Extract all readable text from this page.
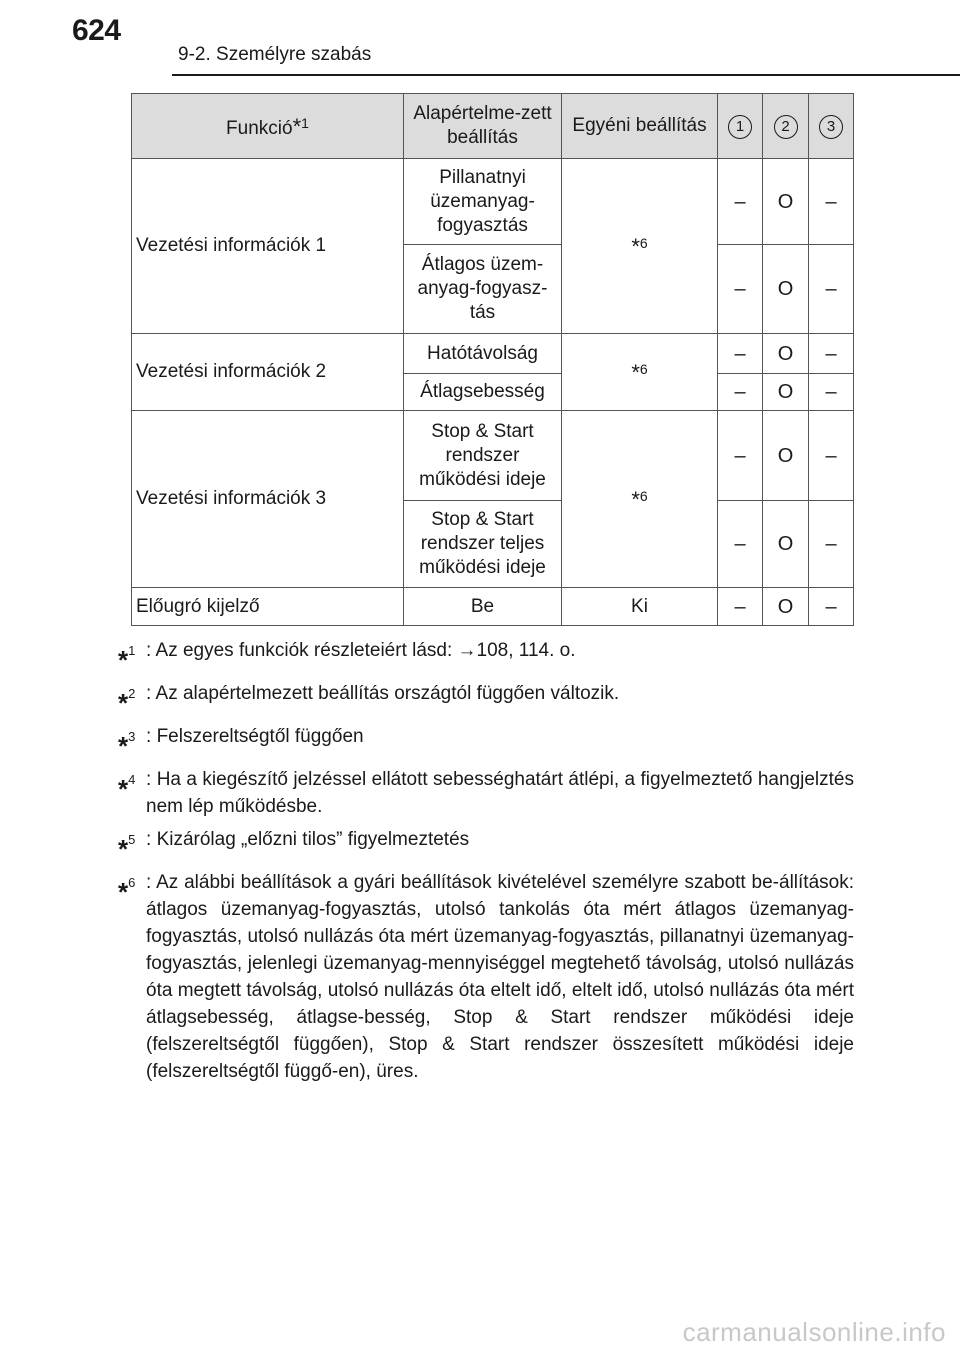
624
9-2. Személyre szabás
Funkció*$^1$	Alapértelme-zett beállítás	Egyéni beállítás	1	2	3
Vezetési információk 1	Pillanatnyi üzemanyag-fogyasztás	*$^6$	–	O	–
	Átlagos üzem-anyag-fogyasz-tás		–	O	–
Vezetési információk 2	Hatótávolság	*$^6$	–	O	–
	Átlagsebesség		–	O	–
Vezetési információk 3	Stop & Start rendszer működési ideje	*$^6$	–	O	–
	Stop & Start rendszer teljes működési ideje		–	O	–
Előugró kijelző	Be	Ki	–	O	–
*$^1$	: Az egyes funkciók részleteiért lásd: →108, 114. o.
*$^2$	: Az alapértelmezett beállítás országtól függően változik.
*$^3$	: Felszereltségtől függően
*$^4$	: Ha a kiegészítő jelzéssel ellátott sebességhatárt átlépi, a figyelmeztető hangjelztés nem lép működésbe.
*$^5$	: Kizárólag „előzni tilos” figyelmeztetés
*$^6$	: Az alábbi beállítások a gyári beállítások kivételével személyre szabott be-állítások: átlagos üzemanyag-fogyasztás, utolsó tankolás óta mért átlagos üzemanyag-fogyasztás, utolsó nullázás óta mért üzemanyag-fogyasztás, pillanatnyi üzemanyag-fogyasztás, jelenlegi üzemanyag-mennyiséggel megtehető távolság, utolsó nullázás óta megtett távolság, utolsó nullázás óta eltelt idő, eltelt idő, utolsó nullázás óta mért átlagsebesség, átlagse-besség, Stop & Start rendszer működési ideje (felszereltségtől függően), Stop & Start rendszer összesített működési ideje (felszereltségtől függő-en), üres.
carmanualsonline.info
